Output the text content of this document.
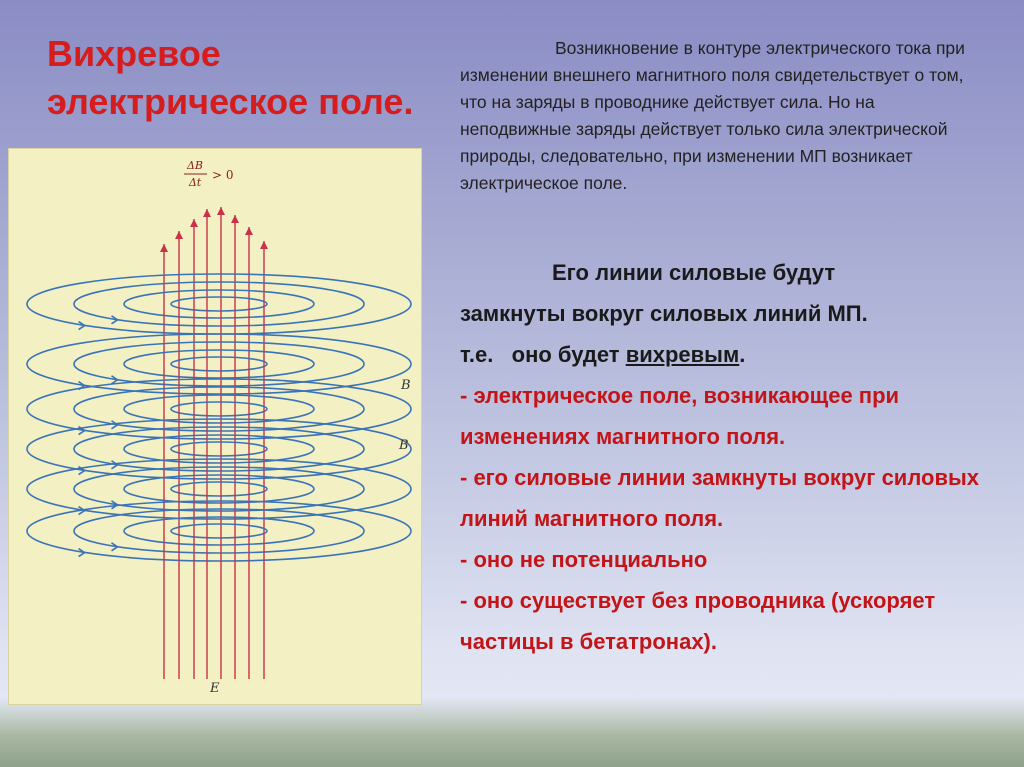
Вихревое
электрическое поле.
ΔB
Δt
> 0
B
B
E

Возникновение в контуре электрического тока при изменении внешнего магнитного поля свидетельствует о том, что на заряды в проводнике действует сила. Но на неподвижные заряды действует только сила электрической природы, следовательно, при изменении МП возникает электрическое поле.

Его линии силовые будут
замкнуты вокруг силовых линий МП.
т.е.   оно будет вихревым.
- электрическое поле, возникающее при изменениях магнитного поля.
- его силовые линии замкнуты вокруг силовых линий магнитного поля.
- оно не потенциально
- оно существует без проводника (ускоряет частицы в бетатронах).
